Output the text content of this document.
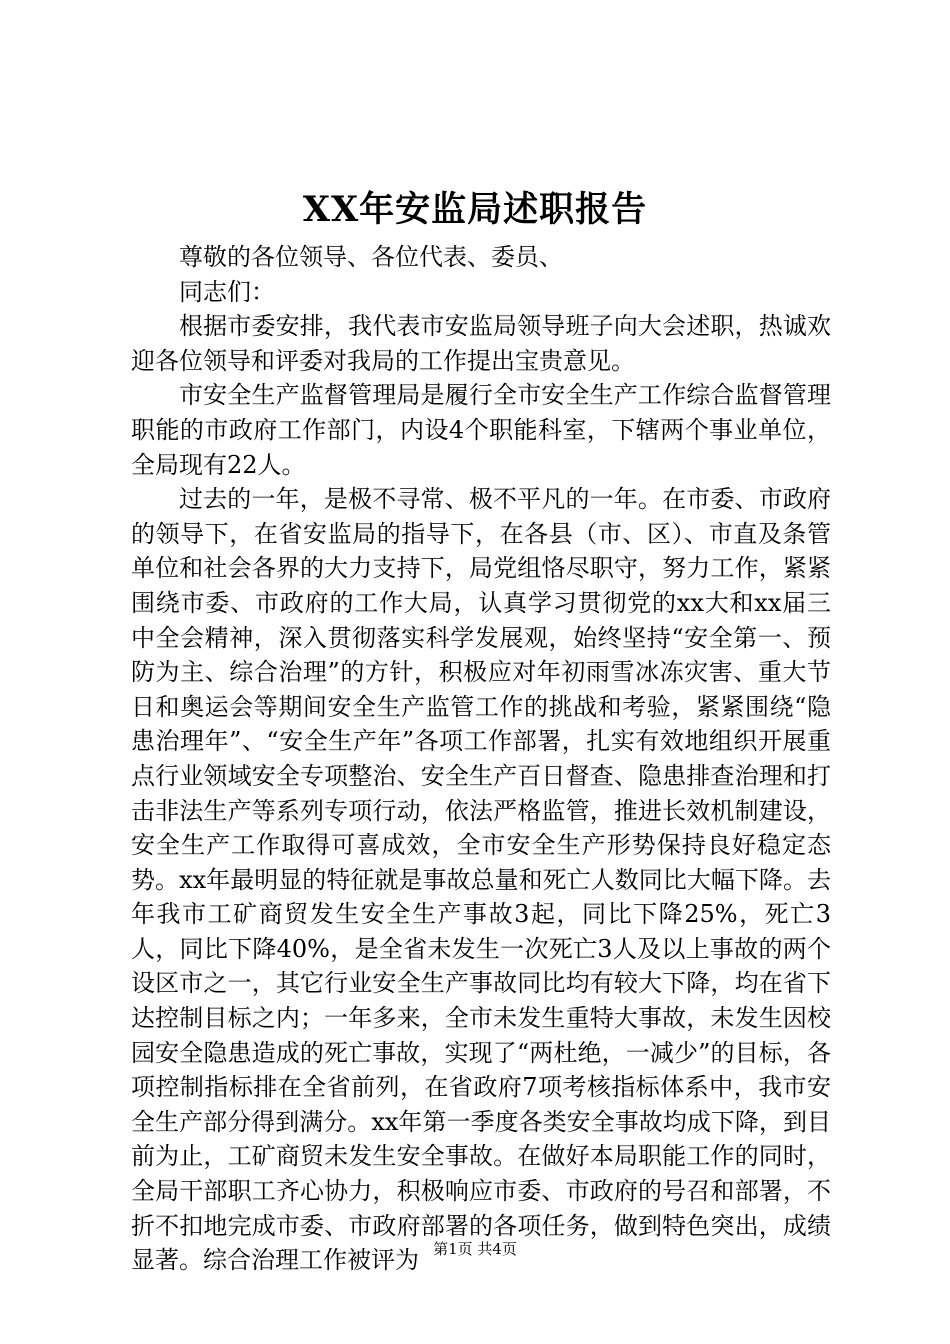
XX年安监局述职报告

尊敬的各位领导、各位代表、委员、

同志们：

根据市委安排，我代表市安监局领导班子向大会述职，热诚欢迎各位领导和评委对我局的工作提出宝贵意见。

市安全生产监督管理局是履行全市安全生产工作综合监督管理职能的市政府工作部门，内设4个职能科室，下辖两个事业单位，全局现有22人。

过去的一年，是极不寻常、极不平凡的一年。在市委、市政府的领导下，在省安监局的指导下，在各县（市、区）、市直及条管单位和社会各界的大力支持下，局党组恪尽职守，努力工作，紧紧围绕市委、市政府的工作大局，认真学习贯彻党的xx大和xx届三中全会精神，深入贯彻落实科学发展观，始终坚持“安全第一、预防为主、综合治理”的方针，积极应对年初雨雪冰冻灾害、重大节日和奥运会等期间安全生产监管工作的挑战和考验，紧紧围绕“隐患治理年”、“安全生产年”各项工作部署，扎实有效地组织开展重点行业领域安全专项整治、安全生产百日督查、隐患排查治理和打击非法生产等系列专项行动，依法严格监管，推进长效机制建设，安全生产工作取得可喜成效，全市安全生产形势保持良好稳定态势。xx年最明显的特征就是事故总量和死亡人数同比大幅下降。去年我市工矿商贸发生安全生产事故3起，同比下降25%，死亡3人，同比下降40%，是全省未发生一次死亡3人及以上事故的两个设区市之一，其它行业安全生产事故同比均有较大下降，均在省下达控制目标之内；一年多来，全市未发生重特大事故，未发生因校园安全隐患造成的死亡事故，实现了“两杜绝，一减少”的目标，各项控制指标排在全省前列，在省政府7项考核指标体系中，我市安全生产部分得到满分。xx年第一季度各类安全事故均成下降，到目前为止，工矿商贸未发生安全事故。在做好本局职能工作的同时，全局干部职工齐心协力，积极响应市委、市政府的号召和部署，不折不扣地完成市委、市政府部署的各项任务，做到特色突出，成绩显著。综合治理工作被评为 第1页 共4页
